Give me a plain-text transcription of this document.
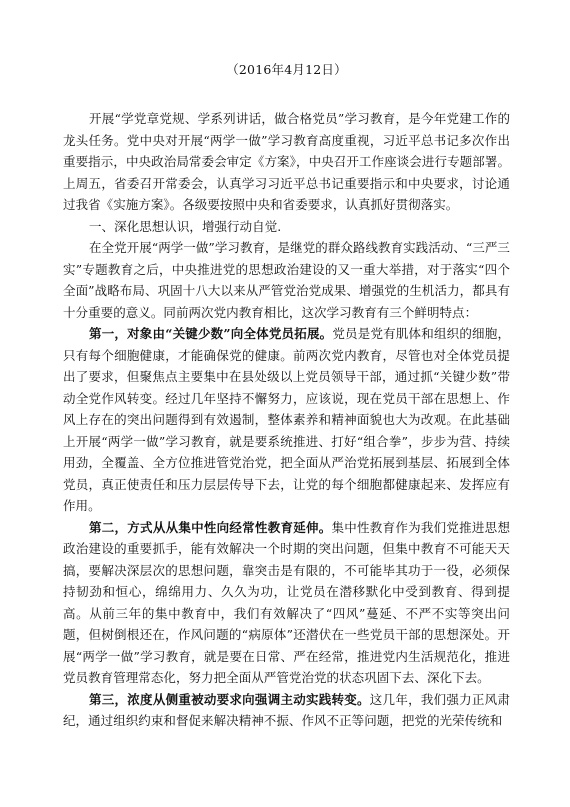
（2016年4月12日）

开展“学党章党规、学系列讲话，做合格党员”学习教育，是今年党建工作的龙头任务。党中央对开展“两学一做”学习教育高度重视，习近平总书记多次作出重要指示，中央政治局常委会审定《方案》，中央召开工作座谈会进行专题部署。上周五，省委召开常委会，认真学习习近平总书记重要指示和中央要求，讨论通过我省《实施方案》。各级要按照中央和省委要求，认真抓好贯彻落实。

一、深化思想认识，增强行动自觉.

在全党开展“两学一做”学习教育，是继党的群众路线教育实践活动、“三严三实”专题教育之后，中央推进党的思想政治建设的又一重大举措，对于落实“四个全面”战略布局、巩固十八大以来从严管党治党成果、增强党的生机活力，都具有十分重要的意义。同前两次党内教育相比，这次学习教育有三个鲜明特点：

第一，对象由“关键少数”向全体党员拓展。党员是党有肌体和组织的细胞，只有每个细胞健康，才能确保党的健康。前两次党内教育，尽管也对全体党员提出了要求，但聚焦点主要集中在县处级以上党员领导干部，通过抓“关键少数”带动全党作风转变。经过几年坚持不懈努力，应该说，现在党员干部在思想上、作风上存在的突出问题得到有效遏制，整体素养和精神面貌也大为改观。在此基础上开展“两学一做”学习教育，就是要系统推进、打好“组合拳”，步步为营、持续用劲，全覆盖、全方位推进管党治党，把全面从严治党拓展到基层、拓展到全体党员，真正使责任和压力层层传导下去，让党的每个细胞都健康起来、发挥应有作用。

第二，方式从从集中性向经常性教育延伸。集中性教育作为我们党推进思想政治建设的重要抓手，能有效解决一个时期的突出问题，但集中教育不可能天天搞，要解决深层次的思想问题，靠突击是有限的，不可能毕其功于一役，必须保持韧劲和恒心，绵绵用力、久久为功，让党员在潜移默化中受到教育、得到提高。从前三年的集中教育中，我们有效解决了“四风”蔓延、不严不实等突出问题，但树倒根还在，作风问题的“病原体”还潜伏在一些党员干部的思想深处。开展“两学一做”学习教育，就是要在日常、严在经常，推进党内生活规范化，推进党员教育管理常态化，努力把全面从严管党治党的状态巩固下去、深化下去。

第三，浓度从侧重被动要求向强调主动实践转变。这几年，我们强力正风肃纪，通过组织约束和督促来解决精神不振、作风不正等问题，把党的光荣传统和
